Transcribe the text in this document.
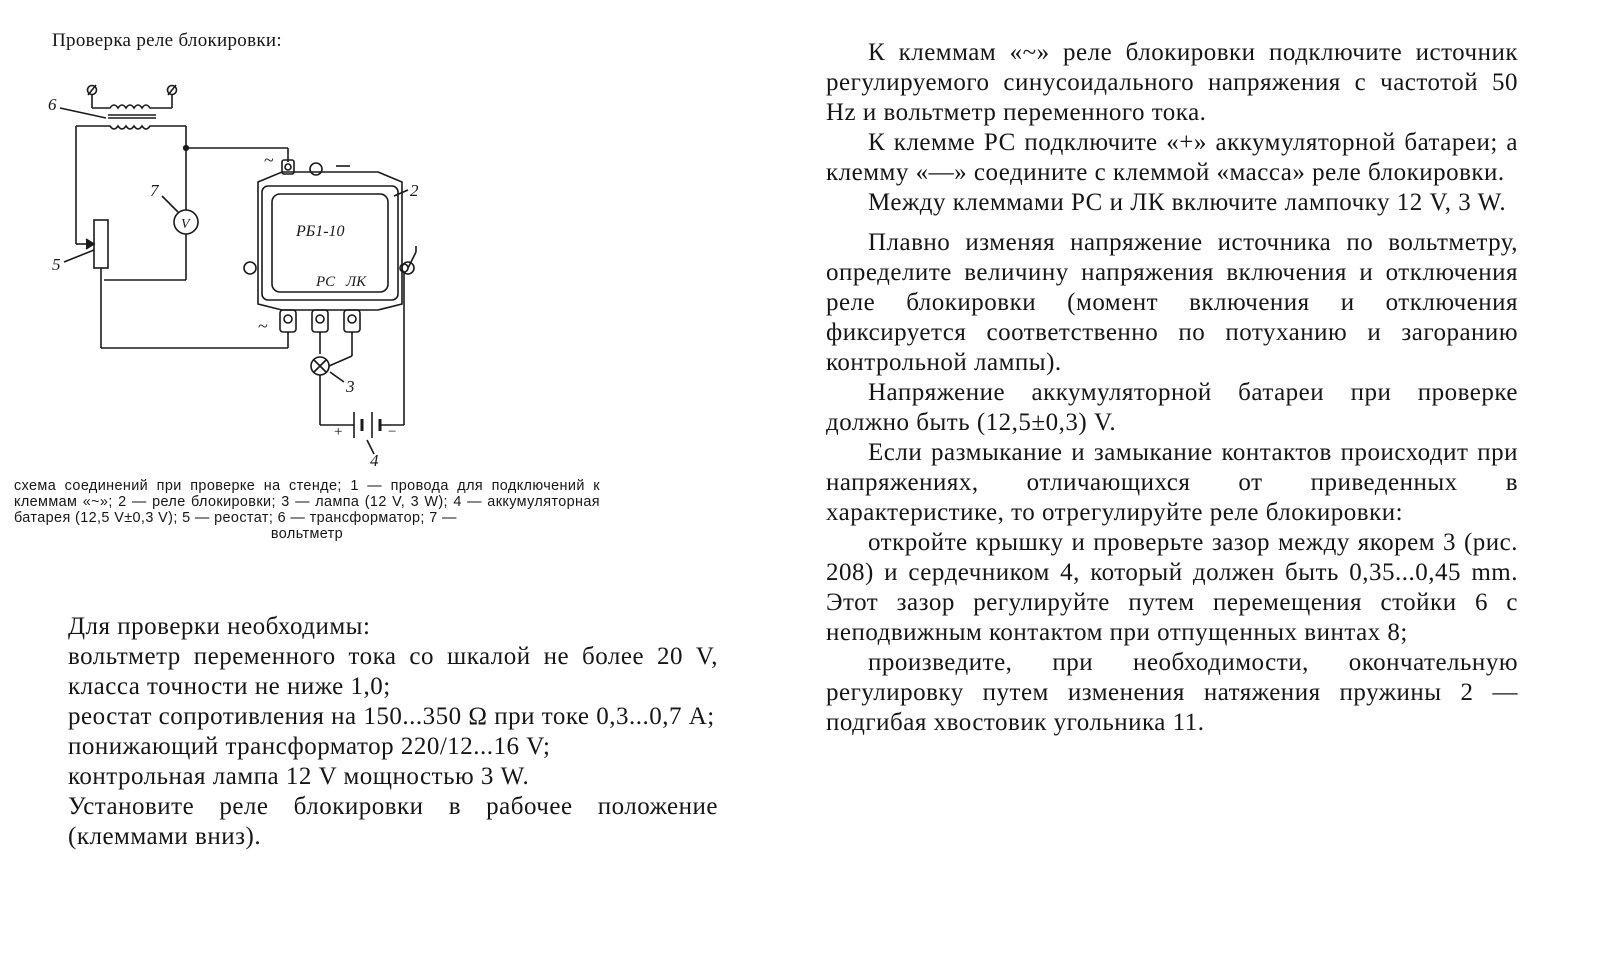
Проверка реле блокировки:
6
7
5
2
3
4
РБ1-10
РС ЛК
V
~
~
+	−

схема соединений при проверке на стенде; 1 — провода для подключений к клеммам «~»; 2 — реле блокировки; 3 — лампа (12 V, 3 W); 4 — аккумуляторная батарея (12,5 V±0,3 V); 5 — реостат; 6 — трансформатор; 7 —

вольтметр

Для проверки необходимы:

вольтметр переменного тока со шкалой не более 20 V, класса точности не ниже 1,0;

реостат сопротивления на 150...350 Ω при токе 0,3...0,7 A;

понижающий трансформатор 220/12...16 V;

контрольная лампа 12 V мощностью 3 W.

Установите реле блокировки в рабочее положение (клеммами вниз).

К клеммам «~» реле блокировки подключите источник регулируемого синусоидального напряжения с частотой 50 Hz и вольтметр переменного тока.

К клемме РС подключите «+» аккумуляторной батареи; а клемму «—» соедините с клеммой «масса» реле блокировки.

Между клеммами РС и ЛК включите лампочку 12 V, 3 W.

Плавно изменяя напряжение источника по вольтметру, определите величину напряжения включения и отключения реле блокировки (момент включения и отключения фиксируется соответственно по потуханию и загоранию контрольной лампы).

Напряжение аккумуляторной батареи при проверке должно быть (12,5±0,3) V.

Если размыкание и замыкание контактов происходит при напряжениях, отличающихся от приведенных в характеристике, то отрегулируйте реле блокировки:

откройте крышку и проверьте зазор между якорем 3 (рис. 208) и сердечником 4, который должен быть 0,35...0,45 mm. Этот зазор регулируйте путем перемещения стойки 6 с неподвижным контактом при отпущенных винтах 8;

произведите, при необходимости, окончательную регулировку путем изменения натяжения пружины 2 — подгибая хвостовик угольника 11.
